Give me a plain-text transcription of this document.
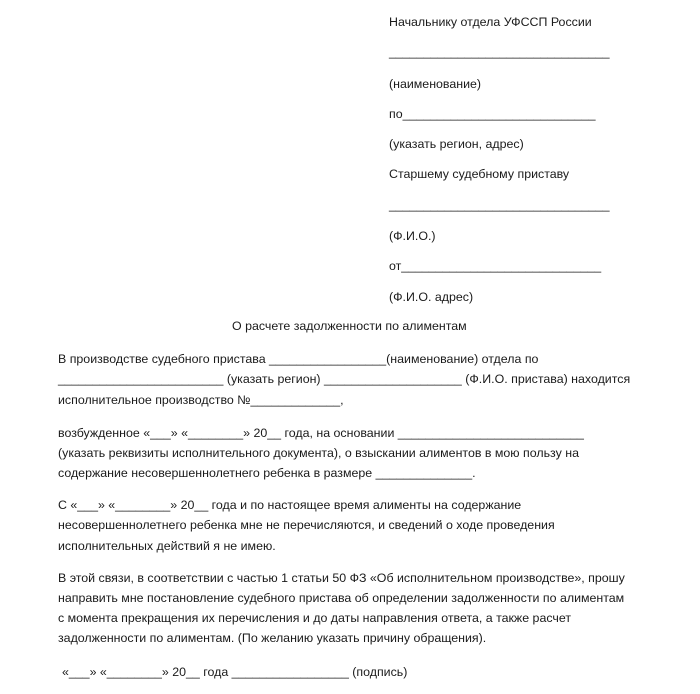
Начальнику отдела УФССП России
________________________________
(наименование)
по____________________________
(указать регион, адрес)
Старшему судебному приставу
________________________________
(Ф.И.О.)
от_____________________________
(Ф.И.О. адрес)
О расчете задолженности по алиментам
В производстве судебного пристава _________________(наименование) отдела по
________________________ (указать регион) ____________________ (Ф.И.О. пристава) находится
исполнительное производство №_____________,
возбужденное «___» «________» 20__ года, на основании ___________________________
(указать реквизиты исполнительного документа), о взыскании алиментов в мою пользу на
содержание несовершеннолетнего ребенка в размере ______________.
С «___» «________» 20__ года и по настоящее время алименты на содержание
несовершеннолетнего ребенка мне не перечисляются, и сведений о ходе проведения
исполнительных действий я не имею.
В этой связи, в соответствии с частью 1 статьи 50 ФЗ «Об исполнительном производстве», прошу
направить мне постановление судебного пристава об определении задолженности по алиментам
с момента прекращения их перечисления и до даты направления ответа, а также расчет
задолженности по алиментам. (По желанию указать причину обращения).
«___» «________» 20__ года _________________ (подпись)
